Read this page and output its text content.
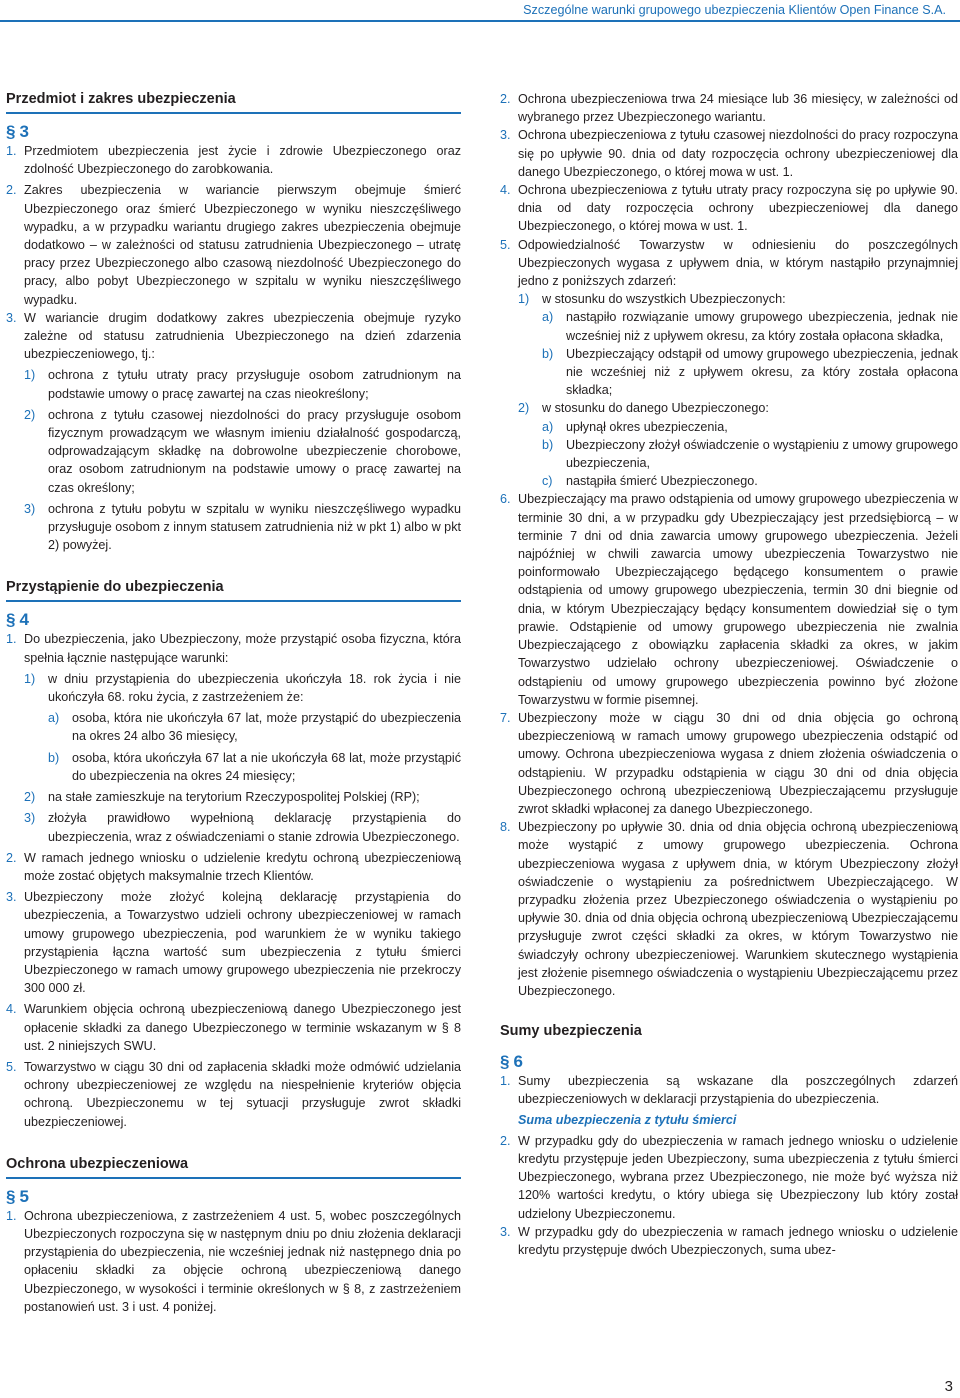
Szczególne warunki grupowego ubezpieczenia Klientów Open Finance S.A.
Przedmiot i zakres ubezpieczenia
§ 3
1. Przedmiotem ubezpieczenia jest życie i zdrowie Ubezpieczonego oraz zdolność Ubezpieczonego do zarobkowania.
2. Zakres ubezpieczenia w wariancie pierwszym obejmuje śmierć Ubezpieczonego oraz śmierć Ubezpieczonego w wyniku nieszczęśliwego wypadku, a w przypadku wariantu drugiego zakres ubezpieczenia obejmuje dodatkowo – w zależności od statusu zatrudnienia Ubezpieczonego – utratę pracy przez Ubezpieczonego albo czasową niezdolność Ubezpieczonego do pracy, albo pobyt Ubezpieczonego w szpitalu w wyniku nieszczęśliwego wypadku.
3. W wariancie drugim dodatkowy zakres ubezpieczenia obejmuje ryzyko zależne od statusu zatrudnienia Ubezpieczonego na dzień zdarzenia ubezpieczeniowego, tj.:
1) ochrona z tytułu utraty pracy przysługuje osobom zatrudnionym na podstawie umowy o pracę zawartej na czas nieokreślony;
2) ochrona z tytułu czasowej niezdolności do pracy przysługuje osobom fizycznym prowadzącym we własnym imieniu działalność gospodarczą, odprowadzającym składkę na dobrowolne ubezpieczenie chorobowe, oraz osobom zatrudnionym na podstawie umowy o pracę zawartej na czas określony;
3) ochrona z tytułu pobytu w szpitalu w wyniku nieszczęśliwego wypadku przysługuje osobom z innym statusem zatrudnienia niż w pkt 1) albo w pkt 2) powyżej.
Przystąpienie do ubezpieczenia
§ 4
1. Do ubezpieczenia, jako Ubezpieczony, może przystąpić osoba fizyczna, która spełnia łącznie następujące warunki:
1) w dniu przystąpienia do ubezpieczenia ukończyła 18. rok życia i nie ukończyła 68. roku życia, z zastrzeżeniem że:
a) osoba, która nie ukończyła 67 lat, może przystąpić do ubezpieczenia na okres 24 albo 36 miesięcy,
b) osoba, która ukończyła 67 lat a nie ukończyła 68 lat, może przystąpić do ubezpieczenia na okres 24 miesięcy;
2) na stałe zamieszkuje na terytorium Rzeczypospolitej Polskiej (RP);
3) złożyła prawidłowo wypełnioną deklarację przystąpienia do ubezpieczenia, wraz z oświadczeniami o stanie zdrowia Ubezpieczonego.
2. W ramach jednego wniosku o udzielenie kredytu ochroną ubezpieczeniową może zostać objętych maksymalnie trzech Klientów.
3. Ubezpieczony może złożyć kolejną deklarację przystąpienia do ubezpieczenia, a Towarzystwo udzieli ochrony ubezpieczeniowej w ramach umowy grupowego ubezpieczenia, pod warunkiem że w wyniku takiego przystąpienia łączna wartość sum ubezpieczenia z tytułu śmierci Ubezpieczonego w ramach umowy grupowego ubezpieczenia nie przekroczy 300 000 zł.
4. Warunkiem objęcia ochroną ubezpieczeniową danego Ubezpieczonego jest opłacenie składki za danego Ubezpieczonego w terminie wskazanym w § 8 ust. 2 niniejszych SWU.
5. Towarzystwo w ciągu 30 dni od zapłacenia składki może odmówić udzielania ochrony ubezpieczeniowej ze względu na niespełnienie kryteriów objęcia ochroną. Ubezpieczonemu w tej sytuacji przysługuje zwrot składki ubezpieczeniowej.
Ochrona ubezpieczeniowa
§ 5
1. Ochrona ubezpieczeniowa, z zastrzeżeniem 4 ust. 5, wobec poszczególnych Ubezpieczonych rozpoczyna się w następnym dniu po dniu złożenia deklaracji przystąpienia do ubezpieczenia, nie wcześniej jednak niż następnego dnia po opłaceniu składki za objęcie ochroną ubezpieczeniową danego Ubezpieczonego, w wysokości i terminie określonych w § 8, z zastrzeżeniem postanowień ust. 3 i ust. 4 poniżej.
2. Ochrona ubezpieczeniowa trwa 24 miesiące lub 36 miesięcy, w zależności od wybranego przez Ubezpieczonego wariantu.
3. Ochrona ubezpieczeniowa z tytułu czasowej niezdolności do pracy rozpoczyna się po upływie 90. dnia od daty rozpoczęcia ochrony ubezpieczeniowej dla danego Ubezpieczonego, o której mowa w ust. 1.
4. Ochrona ubezpieczeniowa z tytułu utraty pracy rozpoczyna się po upływie 90. dnia od daty rozpoczęcia ochrony ubezpieczeniowej dla danego Ubezpieczonego, o której mowa w ust. 1.
5. Odpowiedzialność Towarzystw w odniesieniu do poszczególnych Ubezpieczonych wygasa z upływem dnia, w którym nastąpiło przynajmniej jedno z poniższych zdarzeń:
1) w stosunku do wszystkich Ubezpieczonych:
a) nastąpiło rozwiązanie umowy grupowego ubezpieczenia, jednak nie wcześniej niż z upływem okresu, za który została opłacona składka,
b) Ubezpieczający odstąpił od umowy grupowego ubezpieczenia, jednak nie wcześniej niż z upływem okresu, za który została opłacona składka;
2) w stosunku do danego Ubezpieczonego:
a) upłynął okres ubezpieczenia,
b) Ubezpieczony złożył oświadczenie o wystąpieniu z umowy grupowego ubezpieczenia,
c) nastąpiła śmierć Ubezpieczonego.
6. Ubezpieczający ma prawo odstąpienia od umowy grupowego ubezpieczenia w terminie 30 dni, a w przypadku gdy Ubezpieczający jest przedsiębiorcą – w terminie 7 dni od dnia zawarcia umowy grupowego ubezpieczenia. Jeżeli najpóźniej w chwili zawarcia umowy ubezpieczenia Towarzystwo nie poinformowało Ubezpieczającego będącego konsumentem o prawie odstąpienia od umowy grupowego ubezpieczenia, termin 30 dni biegnie od dnia, w którym Ubezpieczający będący konsumentem dowiedział się o tym prawie. Odstąpienie od umowy grupowego ubezpieczenia nie zwalnia Ubezpieczającego z obowiązku zapłacenia składki za okres, w jakim Towarzystwo udzielało ochrony ubezpieczeniowej. Oświadczenie o odstąpieniu od umowy grupowego ubezpieczenia powinno być złożone Towarzystwu w formie pisemnej.
7. Ubezpieczony może w ciągu 30 dni od dnia objęcia go ochroną ubezpieczeniową w ramach umowy grupowego ubezpieczenia odstąpić od umowy. Ochrona ubezpieczeniowa wygasa z dniem złożenia oświadczenia o odstąpieniu. W przypadku odstąpienia w ciągu 30 dni od dnia objęcia Ubezpieczonego ochroną ubezpieczeniową Ubezpieczającemu przysługuje zwrot składki wpłaconej za danego Ubezpieczonego.
8. Ubezpieczony po upływie 30. dnia od dnia objęcia ochroną ubezpieczeniową może wystąpić z umowy grupowego ubezpieczenia. Ochrona ubezpieczeniowa wygasa z upływem dnia, w którym Ubezpieczony złożył oświadczenie o wystąpieniu za pośrednictwem Ubezpieczającego. W przypadku złożenia przez Ubezpieczonego oświadczenia o wystąpieniu po upływie 30. dnia od dnia objęcia ochroną ubezpieczeniową Ubezpieczającemu przysługuje zwrot części składki za okres, w którym Towarzystwo nie świadczyły ochrony ubezpieczeniowej. Warunkiem skutecznego wystąpienia jest złożenie pisemnego oświadczenia o wystąpieniu Ubezpieczającemu przez Ubezpieczonego.
Sumy ubezpieczenia
§ 6
1. Sumy ubezpieczenia są wskazane dla poszczególnych zdarzeń ubezpieczeniowych w deklaracji przystąpienia do ubezpieczenia.
Suma ubezpieczenia z tytułu śmierci
2. W przypadku gdy do ubezpieczenia w ramach jednego wniosku o udzielenie kredytu przystępuje jeden Ubezpieczony, suma ubezpieczenia z tytułu śmierci Ubezpieczonego, wybrana przez Ubezpieczonego, nie może być wyższa niż 120% wartości kredytu, o który ubiega się Ubezpieczony lub który został udzielony Ubezpieczonemu.
3. W przypadku gdy do ubezpieczenia w ramach jednego wniosku o udzielenie kredytu przystępuje dwóch Ubezpieczonych, suma ubez-
3
